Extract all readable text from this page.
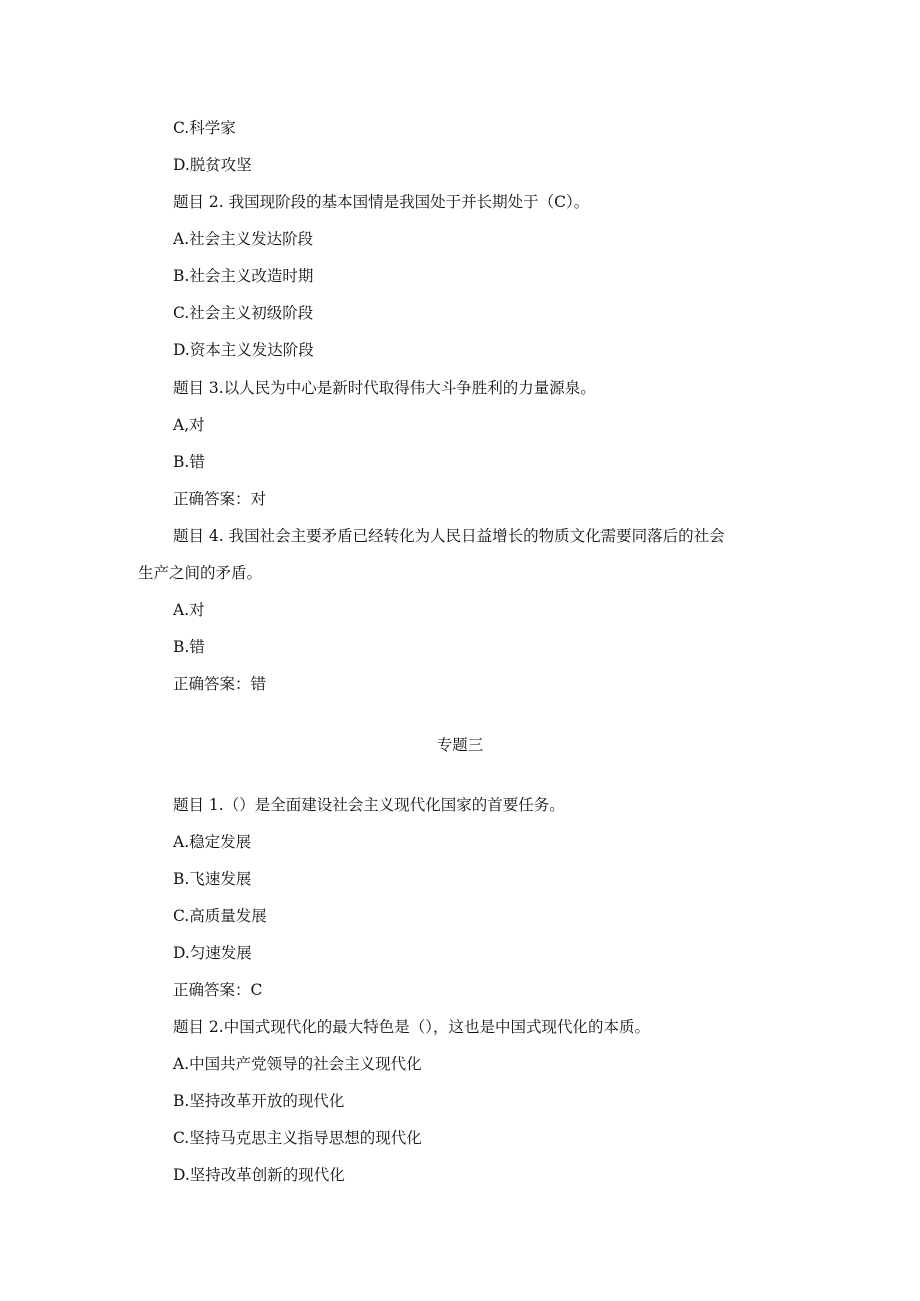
C.科学家
D.脱贫攻坚
题目 2. 我国现阶段的基本国情是我国处于并长期处于（C）。
A.社会主义发达阶段
B.社会主义改造时期
C.社会主义初级阶段
D.资本主义发达阶段
题目 3.以人民为中心是新时代取得伟大斗争胜利的力量源泉。
A,对
B.错
正确答案：对
题目 4. 我国社会主要矛盾已经转化为人民日益增长的物质文化需要同落后的社会
生产之间的矛盾。
A.对
B.错
正确答案：错
专题三
题目 1.（）是全面建设社会主义现代化国家的首要任务。
A.稳定发展
B.飞速发展
C.高质量发展
D.匀速发展
正确答案：C
题目 2.中国式现代化的最大特色是（），这也是中国式现代化的本质。
A.中国共产党领导的社会主义现代化
B.坚持改革开放的现代化
C.坚持马克思主义指导思想的现代化
D.坚持改革创新的现代化
